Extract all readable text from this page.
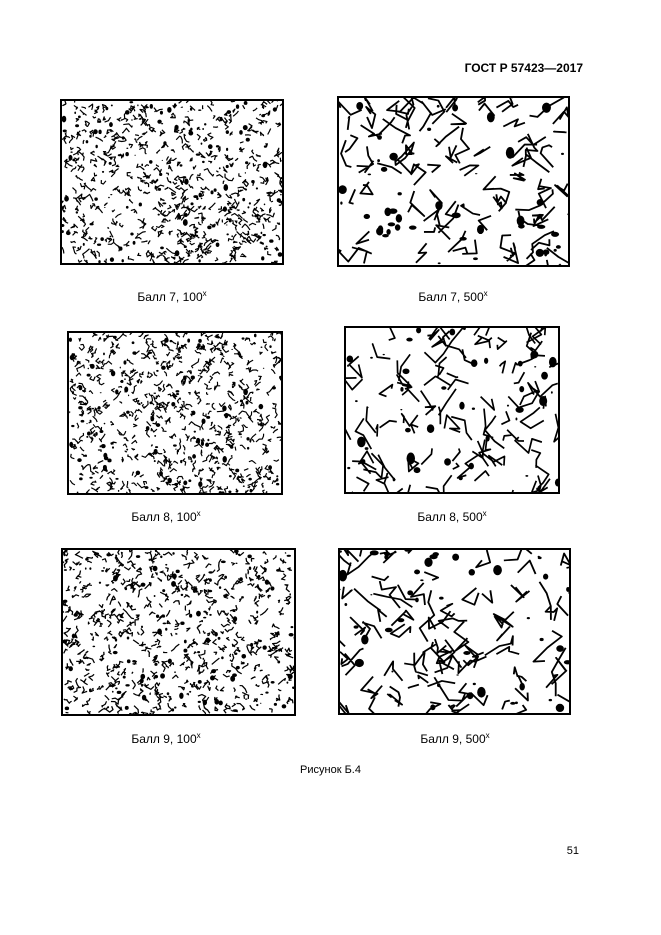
ГОСТ Р 57423—2017
Балл 7, 100$^x$	Балл 7, 500$^x$
Балл 8, 100$^x$	Балл 8, 500$^x$
Балл 9, 100$^x$	Балл 9, 500$^x$
Рисунок Б.4
51
